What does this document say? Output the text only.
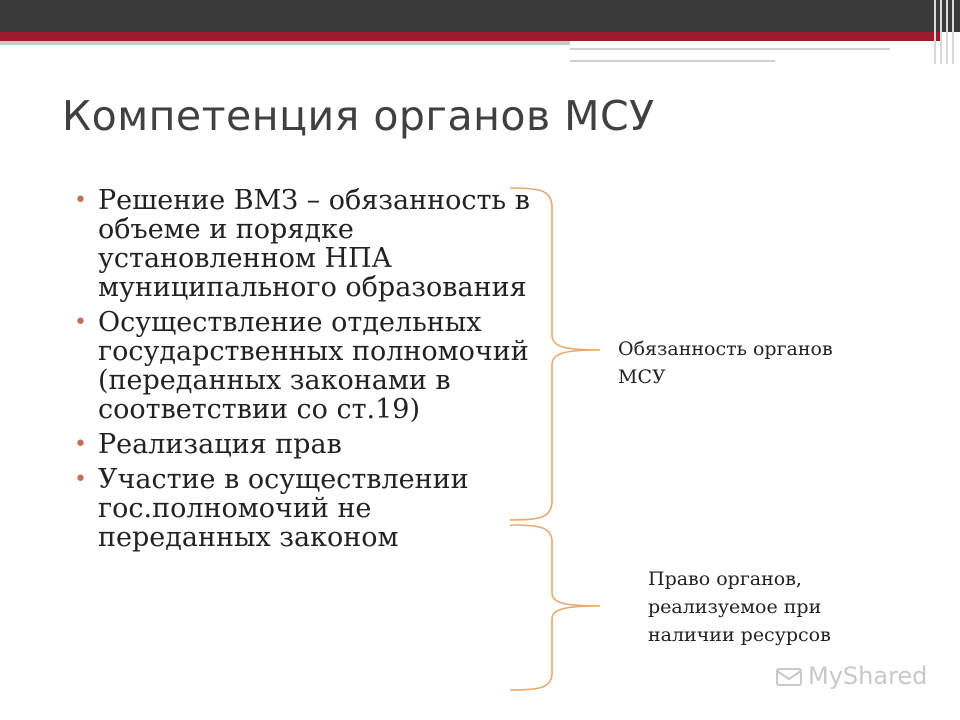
Компетенция органов МСУ
• Решение ВМЗ – обязанность в объеме и порядке установленном НПА муниципального образования
• Осуществление отдельных государственных полномочий (переданных законами в соответствии со ст.19)
• Реализация прав
• Участие в осуществлении гос.полномочий не переданных законом
Обязанность органов МСУ
Право органов, реализуемое при наличии ресурсов
MyShared
